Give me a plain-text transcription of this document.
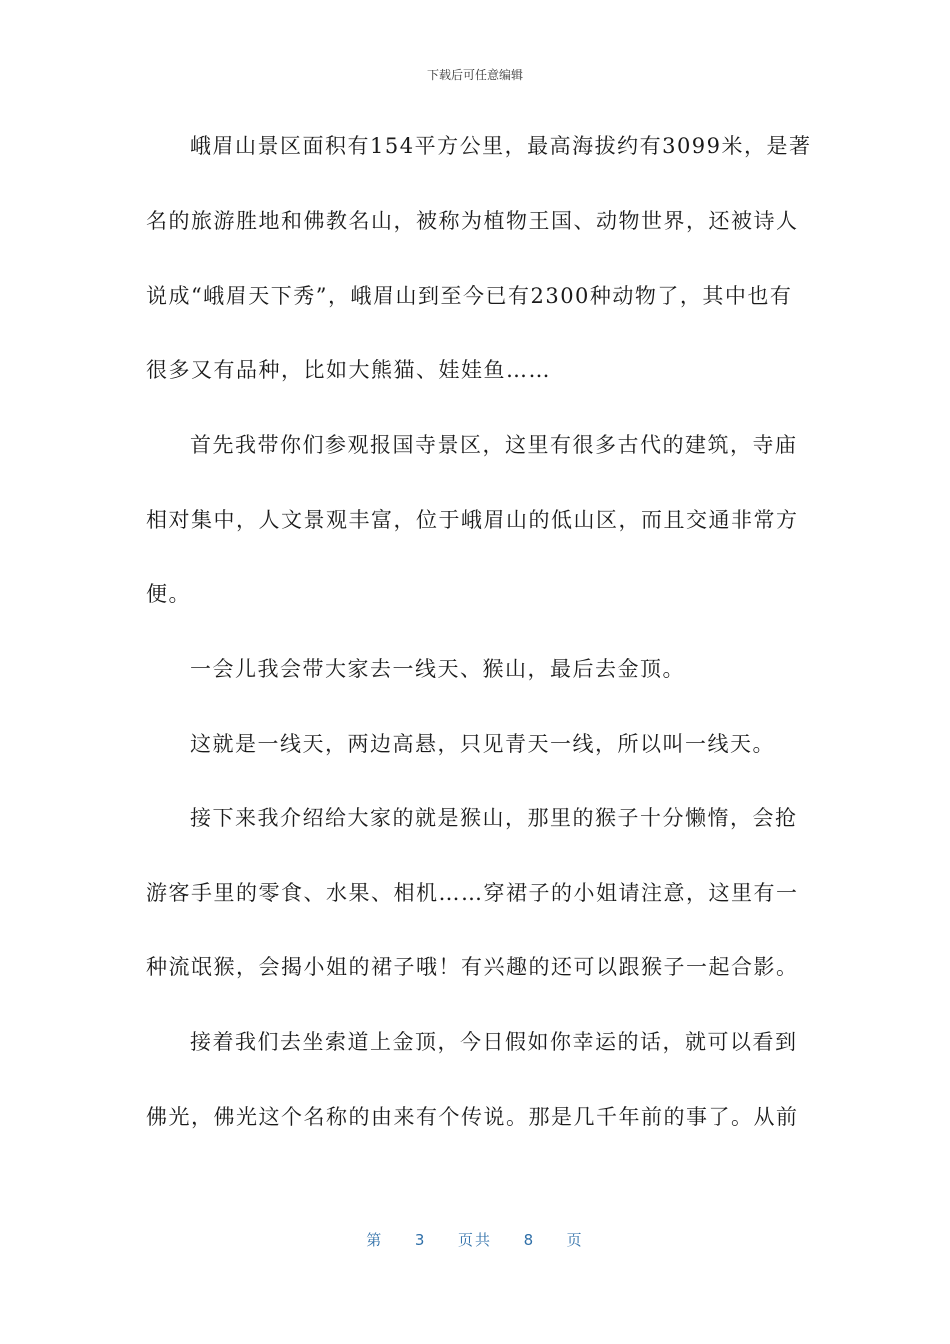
下载后可任意编辑
峨眉山景区面积有154平方公里，最高海拔约有3099米，是著
名的旅游胜地和佛教名山，被称为植物王国、动物世界，还被诗人
说成“峨眉天下秀”，峨眉山到至今已有2300种动物了，其中也有
很多又有品种，比如大熊猫、娃娃鱼……
首先我带你们参观报国寺景区，这里有很多古代的建筑，寺庙
相对集中，人文景观丰富，位于峨眉山的低山区，而且交通非常方
便。
一会儿我会带大家去一线天、猴山，最后去金顶。
这就是一线天，两边高悬，只见青天一线，所以叫一线天。
接下来我介绍给大家的就是猴山，那里的猴子十分懒惰，会抢
游客手里的零食、水果、相机……穿裙子的小姐请注意，这里有一
种流氓猴，会揭小姐的裙子哦！有兴趣的还可以跟猴子一起合影。
接着我们去坐索道上金顶，今日假如你幸运的话，就可以看到
佛光，佛光这个名称的由来有个传说。那是几千年前的事了。从前
第 3 页共 8 页
